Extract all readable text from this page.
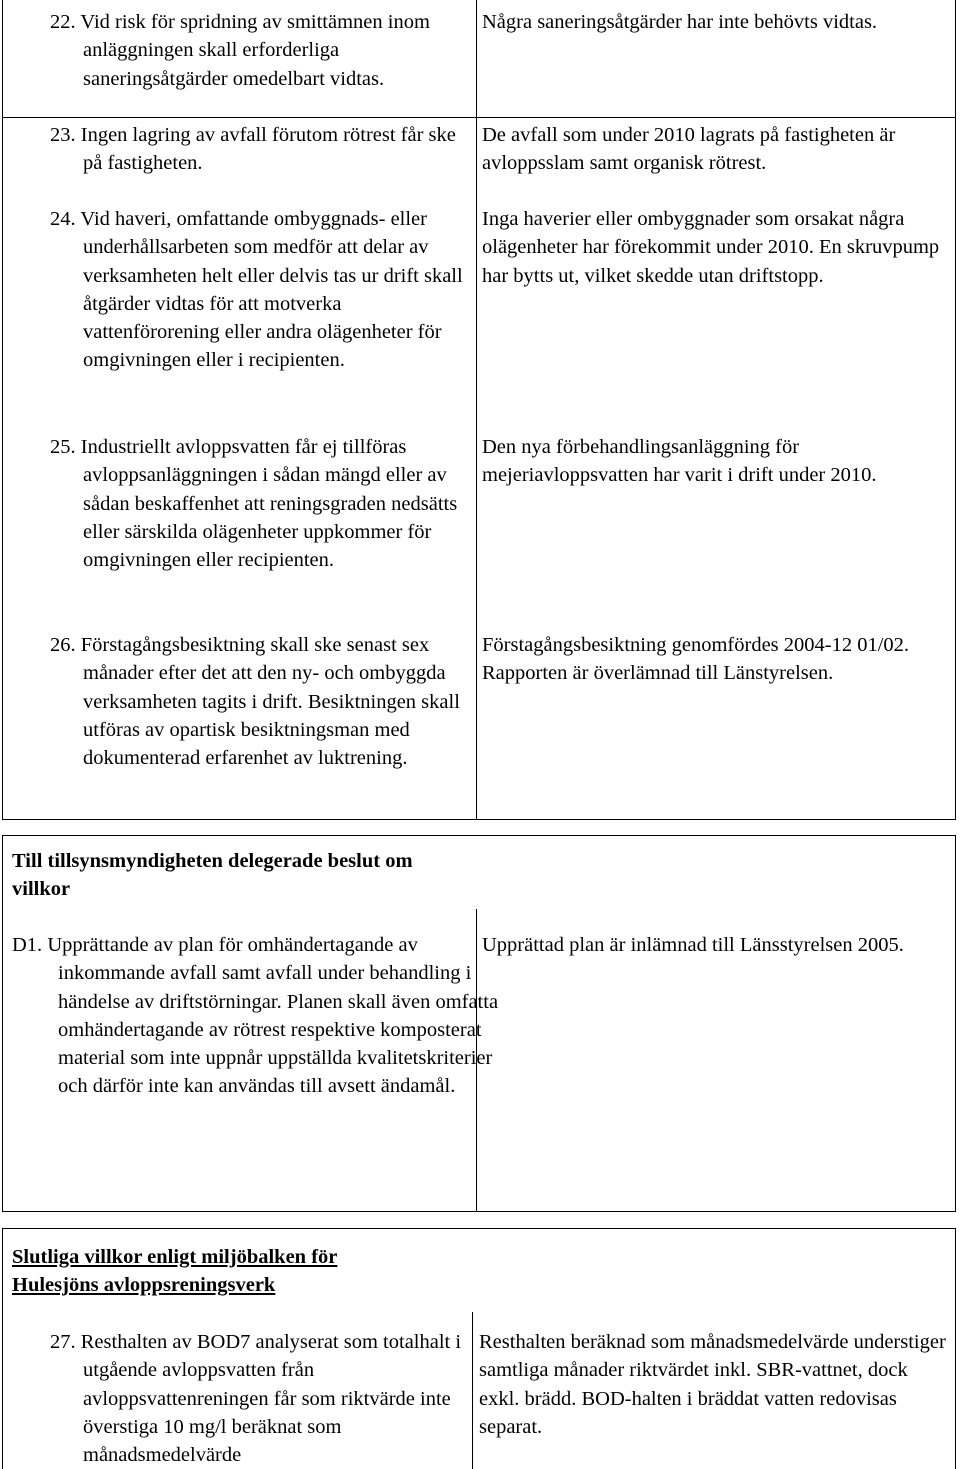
22. Vid risk för spridning av smittämnen inom anläggningen skall erforderliga saneringsåtgärder omedelbart vidtas.
23. Ingen lagring av avfall förutom rötrest får ske på fastigheten.
24. Vid haveri, omfattande ombyggnads- eller underhållsarbeten som medför att delar av verksamheten helt eller delvis tas ur drift skall åtgärder vidtas för att motverka vattenförorening eller andra olägenheter för omgivningen eller i recipienten.
25. Industriellt avloppsvatten får ej tillföras avloppsanläggningen i sådan mängd eller av sådan beskaffenhet att reningsgraden nedsätts eller särskilda olägenheter uppkommer för omgivningen eller recipienten.
26. Förstagångsbesiktning skall ske senast sex månader efter det att den ny- och ombyggda verksamheten tagits i drift. Besiktningen skall utföras av opartisk besiktningsman med dokumenterad erfarenhet av luktrening.
Några saneringsåtgärder har inte behövts vidtas.
De avfall som under 2010 lagrats på fastigheten är avloppsslam samt organisk rötrest.
Inga haverier eller ombyggnader som orsakat några olägenheter har förekommit under 2010. En skruvpump har bytts ut, vilket skedde utan driftstopp.
Den nya förbehandlingsanläggning för mejeriavloppsvatten har varit i drift under 2010.
Förstagångsbesiktning genomfördes 2004-12 01/02. Rapporten är överlämnad till Länstyrelsen.
Till tillsynsmyndigheten delegerade beslut om villkor
D1. Upprättande av plan för omhändertagande av inkommande avfall samt avfall under behandling i händelse av driftstörningar. Planen skall även omfatta omhändertagande av rötrest respektive komposterat material som inte uppnår uppställda kvalitetskriterier och därför inte kan användas till avsett ändamål.
Upprättad plan är inlämnad till Länsstyrelsen 2005.
Slutliga villkor enligt miljöbalken för Hulesjöns avloppsreningsverk
27. Resthalten av BOD7 analyserat som totalhalt i utgående avloppsvatten från avloppsvattenreningen får som riktvärde inte överstiga 10 mg/l beräknat som månadsmedelvärde
Resthalten beräknad som månadsmedelvärde understiger samtliga månader riktvärdet inkl. SBR-vattnet, dock exkl. brädd. BOD-halten i bräddat vatten redovisas separat.
